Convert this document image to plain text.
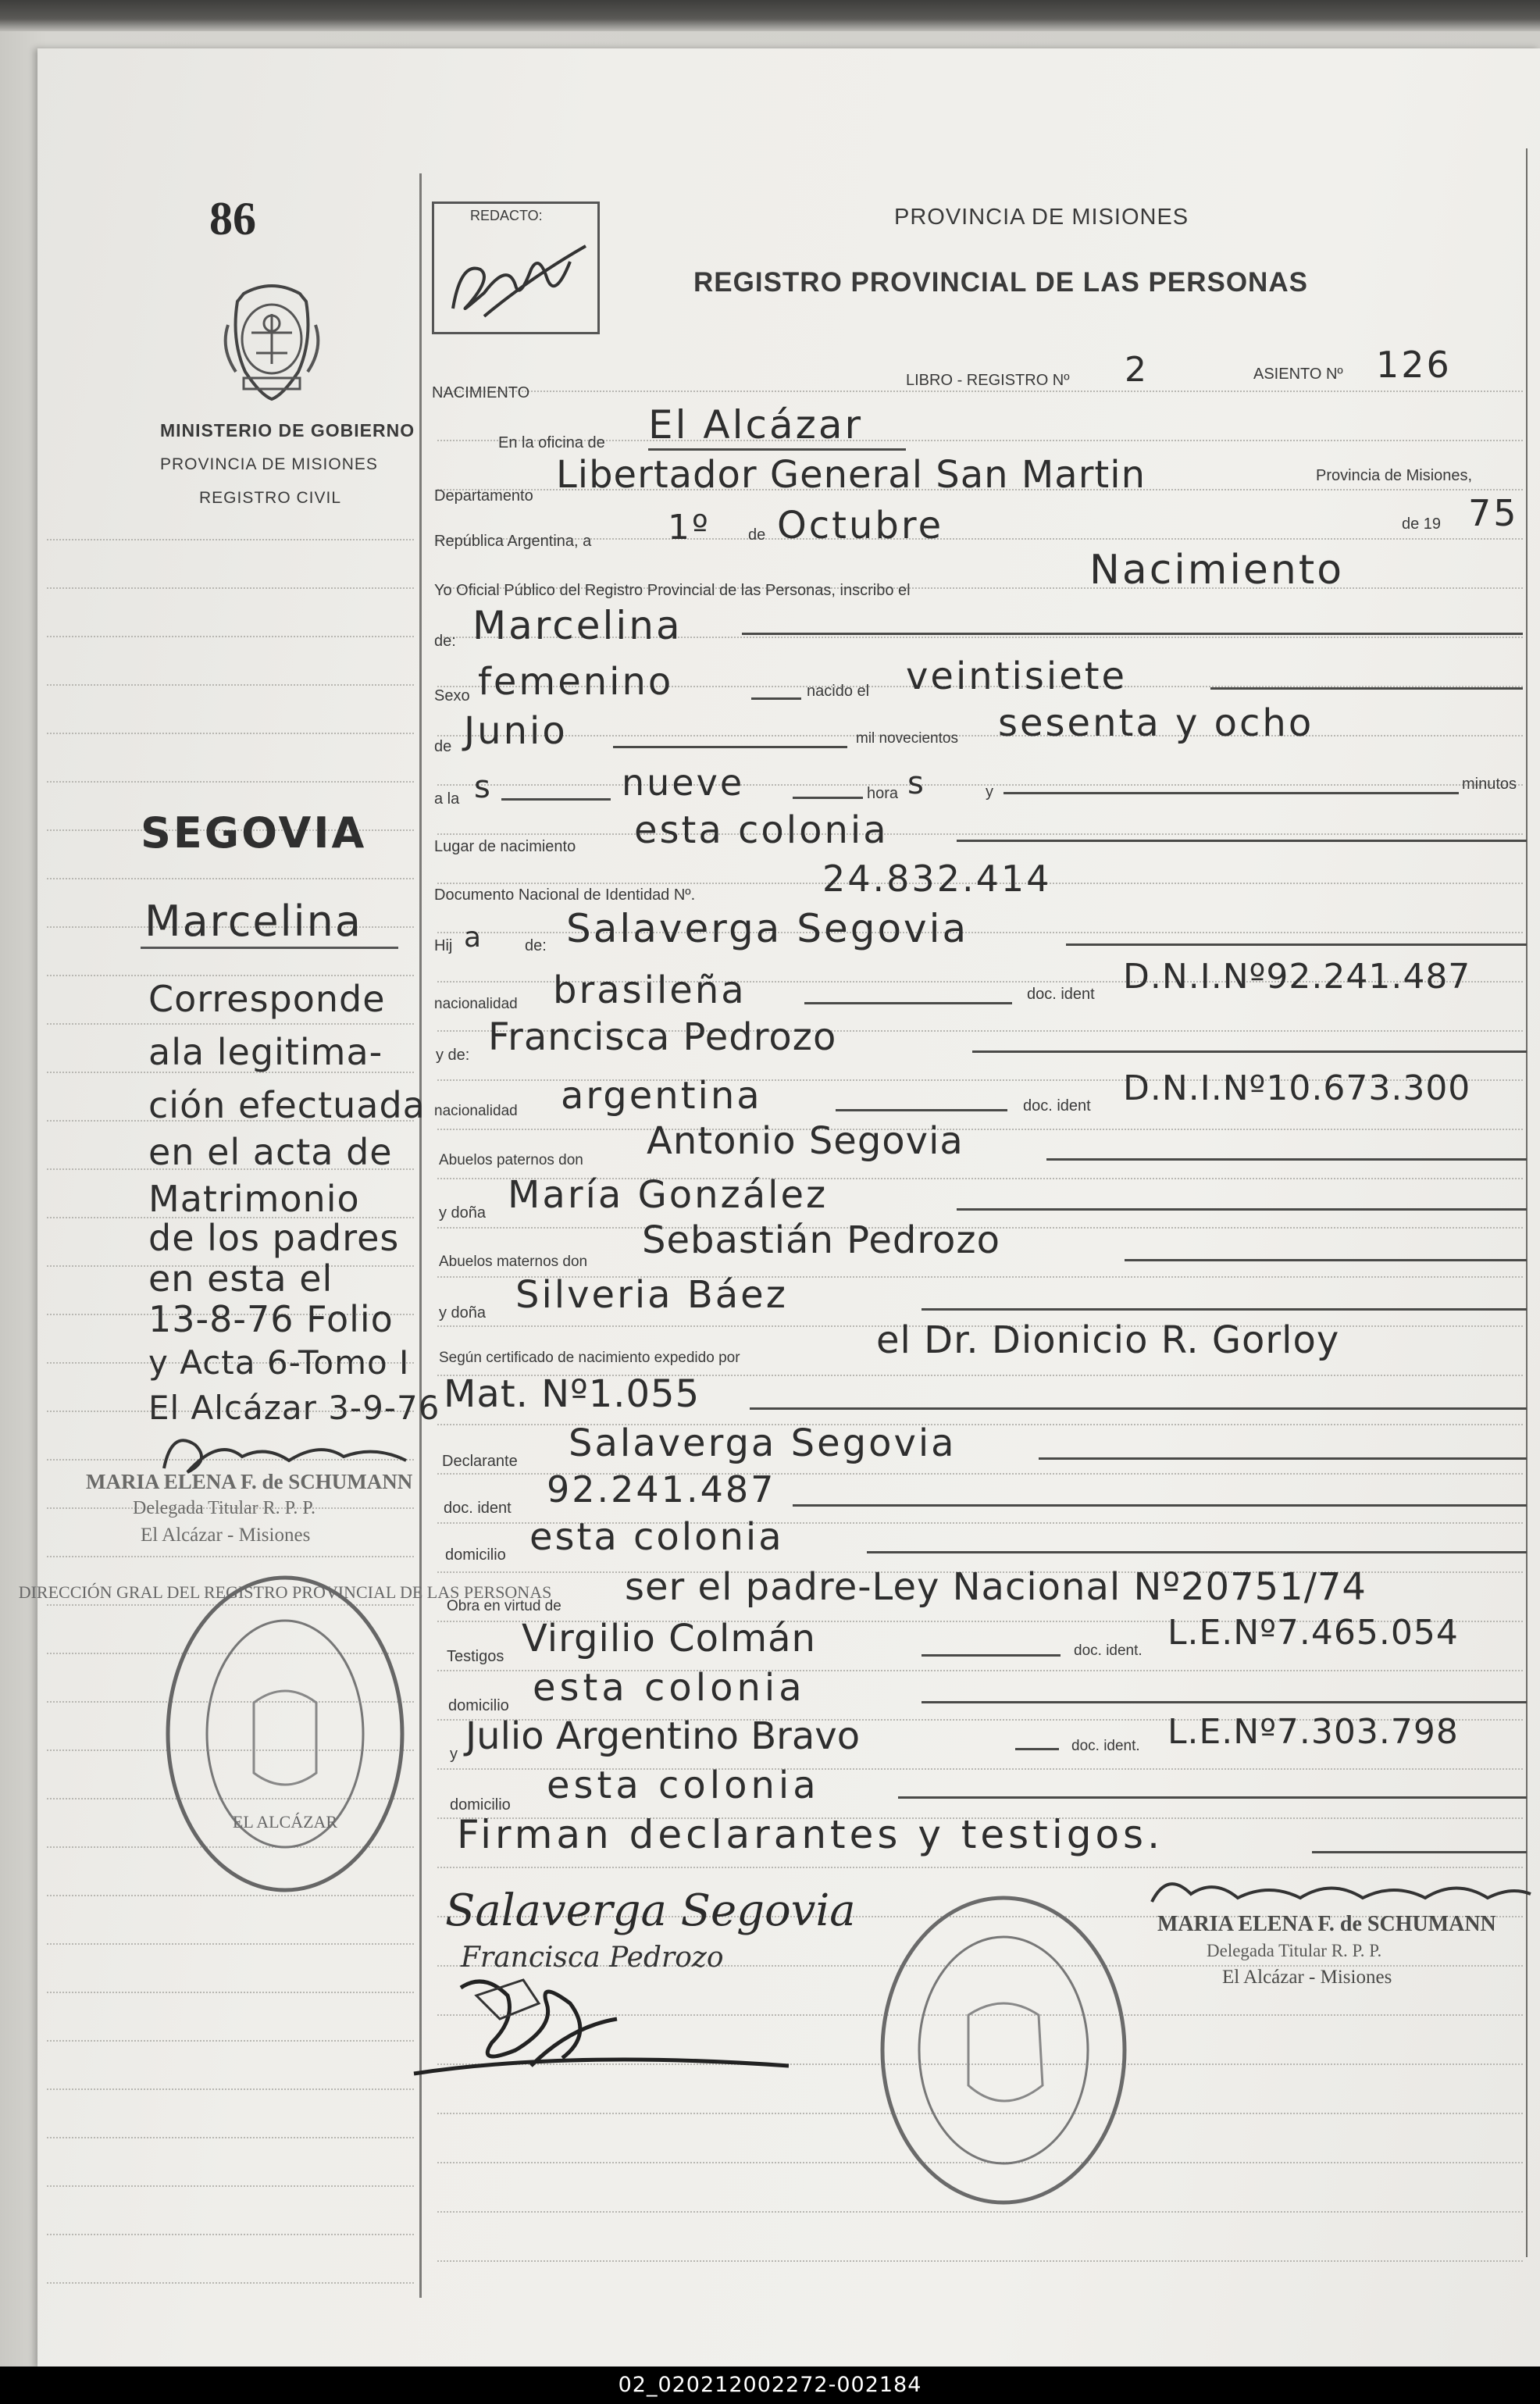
86
MINISTERIO DE GOBIERNO
PROVINCIA DE MISIONES
REGISTRO CIVIL
REDACTO:	PROVINCIA DE MISIONES
REGISTRO PROVINCIAL DE LAS PERSONAS
NACIMIENTO
LIBRO - REGISTRO Nº 2	ASIENTO Nº 126
En la oficina de El Alcázar
Departamento Libertador General San Martin	Provincia de Misiones,
República Argentina, a 1º de Octubre	de 19 75
Yo Oficial Público del Registro Provincial de las Personas, inscribo el	Nacimiento
de: Marcelina
Sexo femenino	nacido el veintisiete
de Junio	mil novecientos sesenta y ocho
a la s	nueve	hora s	y	minutos
Lugar de nacimiento esta colonia
Documento Nacional de Identidad Nº.	24.832.414
Hij a	de: Salaverga Segovia
nacionalidad brasileña	doc. ident D.N.I.Nº92.241.487
y de: Francisca Pedrozo
nacionalidad argentina	doc. ident D.N.I.Nº10.673.300
Abuelos paternos don Antonio Segovia
y doña María González
Abuelos maternos don Sebastián Pedrozo
y doña Silveria Báez
Según certificado de nacimiento expedido por	el Dr. Dionicio R. Gorloy
Mat. Nº1.055
Declarante Salaverga Segovia
doc. ident 92.241.487
domicilio esta colonia
Obra en virtud de ser el padre-Ley Nacional Nº20751/74
Testigos Virgilio Colmán	doc. ident. L.E.Nº7.465.054
domicilio esta colonia
y Julio Argentino Bravo	doc. ident. L.E.Nº7.303.798
domicilio esta colonia
Firman declarantes y testigos.
SEGOVIA
Marcelina
Corresponde
ala legitima-
ción efectuada
en el acta de
Matrimonio
de los padres
en esta el
13-8-76 Folio
y Acta 6-Tomo I
El Alcázar 3-9-76
MARIA ELENA F. de SCHUMANN
Delegada Titular R. P. P.
El Alcázar - Misiones
DIRECCIÓN GRAL DEL REGISTRO PROVINCIAL DE LAS PERSONAS
EL ALCÁZAR
Salaverga Segovia
Francisca Pedrozo
MARIA ELENA F. de SCHUMANN
Delegada Titular R. P. P.
El Alcázar - Misiones
02_020212002272-002184
